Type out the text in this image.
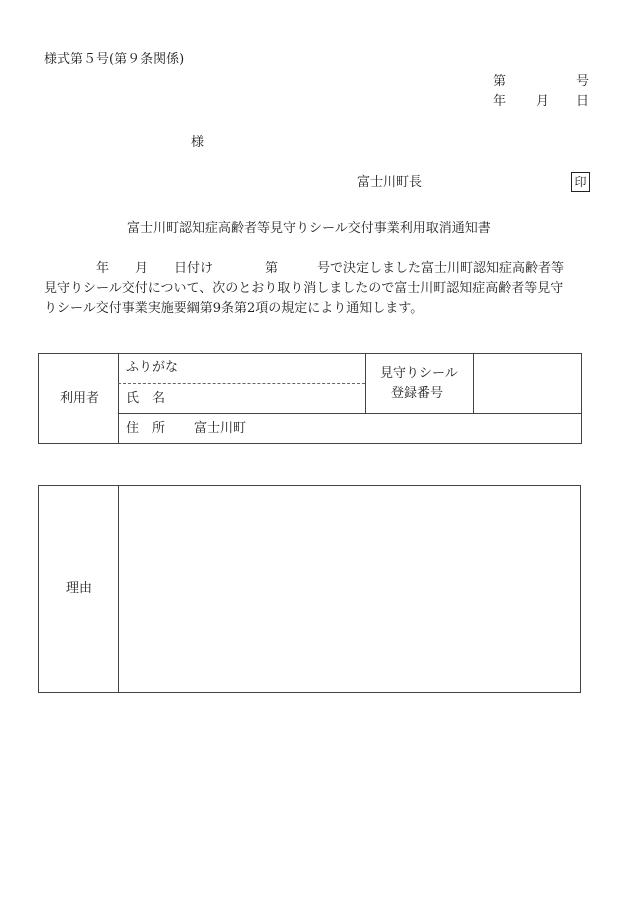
様式第５号(第９条関係)
第	号
年 月 日
様
富士川町長	印
富士川町認知症高齢者等見守りシール交付事業利用取消通知書
　　　　年　　月　　日付け　　　　第　　　号で決定しました富士川町認知症高齢者等
見守りシール交付について、次のとおり取り消しましたので富士川町認知症高齢者等見守
りシール交付事業実施要綱第9条第2項の規定により通知します。
利用者
ふりがな
氏　名
見守りシール
登録番号
住　所 富士川町
理由
